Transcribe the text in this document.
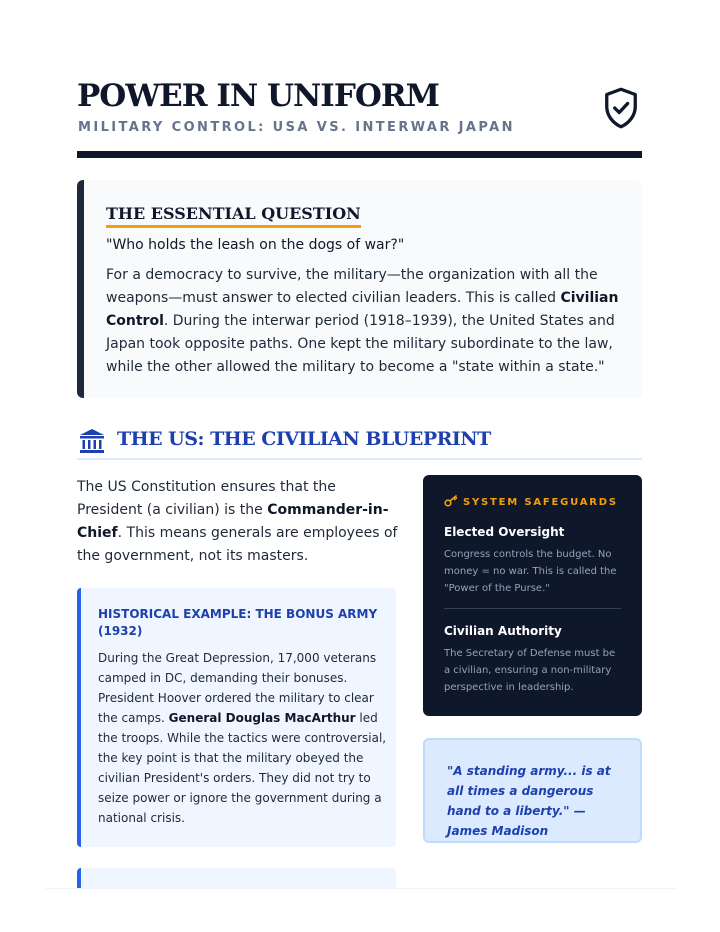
POWER IN UNIFORM
MILITARY CONTROL: USA VS. INTERWAR JAPAN
THE ESSENTIAL QUESTION

"Who holds the leash on the dogs of war?"

For a democracy to survive, the military—the organization with all the weapons—must answer to elected civilian leaders. This is called Civilian Control. During the interwar period (1918–1939), the United States and Japan took opposite paths. One kept the military subordinate to the law, while the other allowed the military to become a "state within a state."

THE US: THE CIVILIAN BLUEPRINT

The US Constitution ensures that the President (a civilian) is the Commander-in-Chief. This means generals are employees of the government, not its masters.

HISTORICAL EXAMPLE: THE BONUS ARMY (1932)

During the Great Depression, 17,000 veterans camped in DC, demanding their bonuses. President Hoover ordered the military to clear the camps. General Douglas MacArthur led the troops. While the tactics were controversial, the key point is that the military obeyed the civilian President's orders. They did not try to seize power or ignore the government during a national crisis.

SYSTEM SAFEGUARDS
Elected Oversight

Congress controls the budget. No money = no war. This is called the "Power of the Purse."

Civilian Authority

The Secretary of Defense must be a civilian, ensuring a non-military perspective in leadership.

"A standing army... is at all times a dangerous hand to a liberty." — James Madison
